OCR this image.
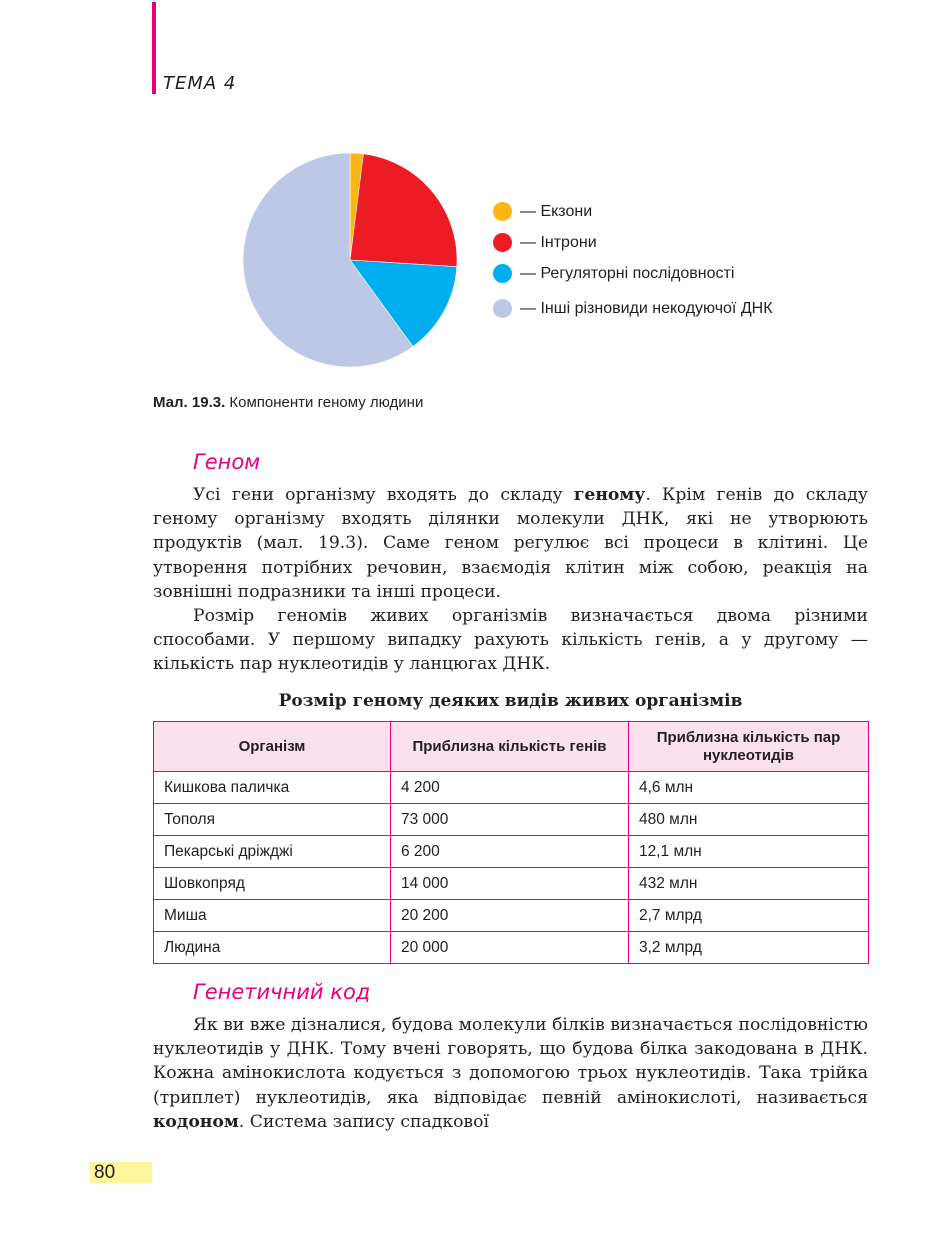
ТЕМА 4
— Екзони
— Інтрони
— Регуляторні послідовності
— Інші різновиди некодуючої ДНК
Мал. 19.3. Компоненти геному людини
Геном

Усі гени організму входять до складу геному. Крім генів до складу геному організму входять ділянки молекули ДНК, які не утворюють продуктів (мал. 19.3). Саме геном регулює всі процеси в клітині. Це утворення потрібних речовин, взаємодія клітин між собою, реакція на зовнішні подразники та інші процеси.

Розмір геномів живих організмів визначається двома різними способами. У першому випадку рахують кількість генів, а у другому — кількість пар нуклеотидів у ланцюгах ДНК.

Розмір геному деяких видів живих організмів
Організм	Приблизна кількість генів	Приблизна кількість пар нуклеотидів
Кишкова паличка	4 200	4,6 млн
Тополя	73 000	480 млн
Пекарські дріжджі	6 200	12,1 млн
Шовкопряд	14 000	432 млн
Миша	20 200	2,7 млрд
Людина	20 000	3,2 млрд
Генетичний код

Як ви вже дізналися, будова молекули білків визначається послідовністю нуклеотидів у ДНК. Тому вчені говорять, що будова білка закодована в ДНК. Кожна амінокислота кодується з допомогою трьох нуклеотидів. Така трійка (триплет) нуклеотидів, яка відповідає певній амінокислоті, називається кодоном. Система запису спадкової

80
